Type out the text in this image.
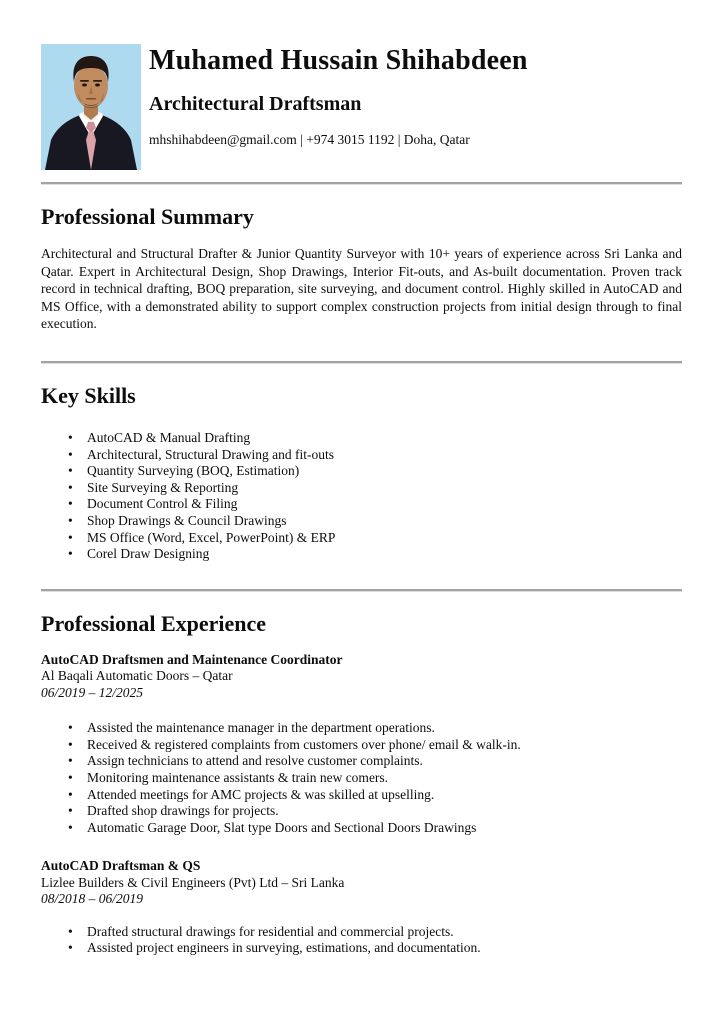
Muhamed Hussain Shihabdeen
Architectural Draftsman
mhshihabdeen@gmail.com | +974 3015 1192 | Doha, Qatar
Professional Summary

Architectural and Structural Drafter & Junior Quantity Surveyor with 10+ years of experience across Sri Lanka and Qatar. Expert in Architectural Design, Shop Drawings, Interior Fit-outs, and As-built documentation. Proven track record in technical drafting, BOQ preparation, site surveying, and document control. Highly skilled in AutoCAD and MS Office, with a demonstrated ability to support complex construction projects from initial design through to final execution.

Key Skills
• AutoCAD & Manual Drafting
• Architectural, Structural Drawing and fit-outs
• Quantity Surveying (BOQ, Estimation)
• Site Surveying & Reporting
• Document Control & Filing
• Shop Drawings & Council Drawings
• MS Office (Word, Excel, PowerPoint) & ERP
• Corel Draw Designing
Professional Experience
AutoCAD Draftsmen and Maintenance Coordinator
Al Baqali Automatic Doors – Qatar
06/2019 – 12/2025
• Assisted the maintenance manager in the department operations.
• Received & registered complaints from customers over phone/ email & walk-in.
• Assign technicians to attend and resolve customer complaints.
• Monitoring maintenance assistants & train new comers.
• Attended meetings for AMC projects & was skilled at upselling.
• Drafted shop drawings for projects.
• Automatic Garage Door, Slat type Doors and Sectional Doors Drawings
AutoCAD Draftsman & QS
Lizlee Builders & Civil Engineers (Pvt) Ltd – Sri Lanka
08/2018 – 06/2019
• Drafted structural drawings for residential and commercial projects.
• Assisted project engineers in surveying, estimations, and documentation.
